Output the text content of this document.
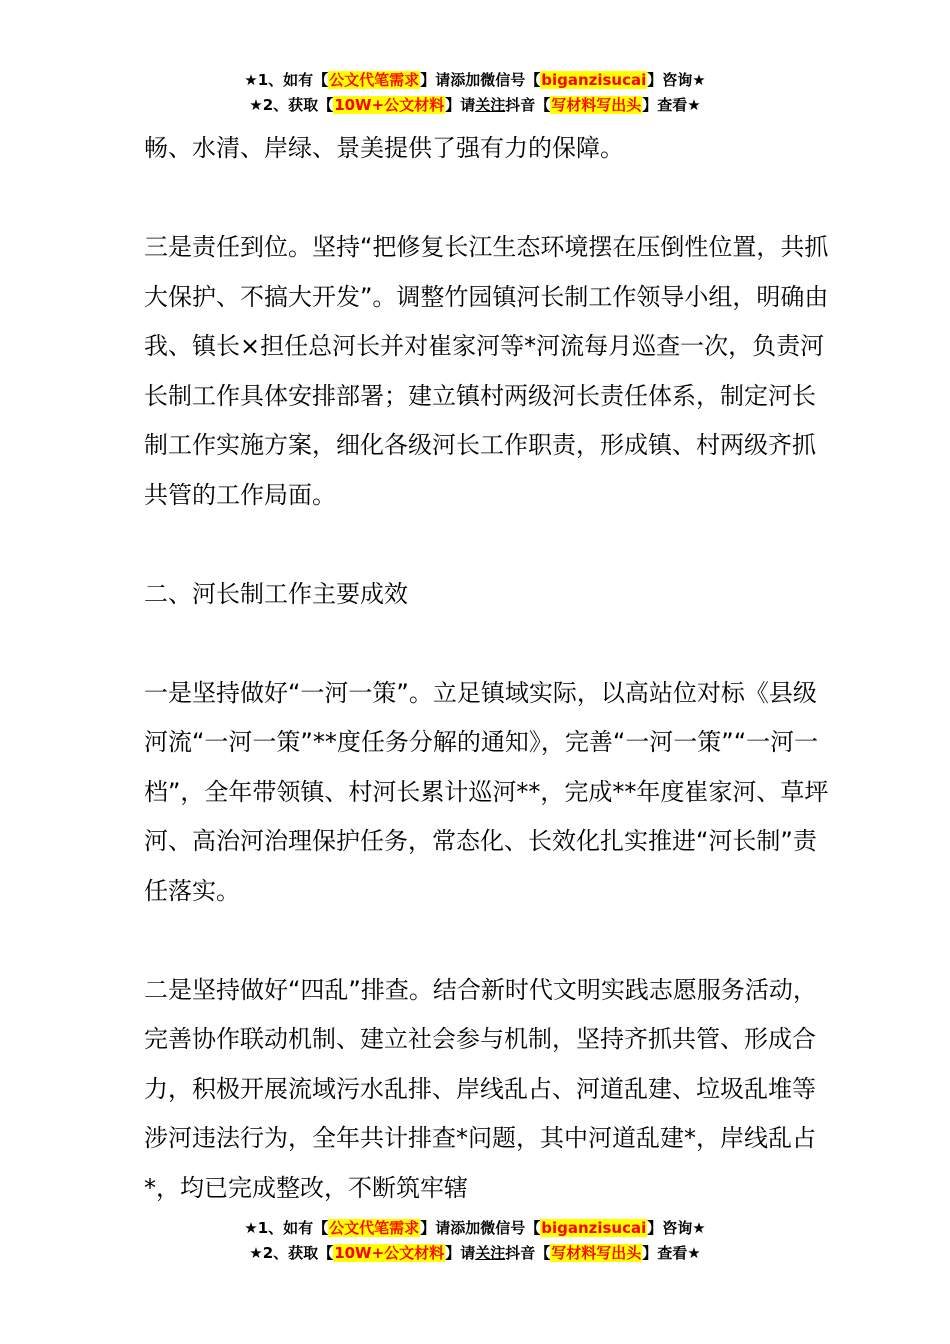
★1、如有【公文代笔需求】请添加微信号【biganzisucai】咨询★
★2、获取【10W+公文材料】请关注抖音【写材料写出头】查看★

畅、水清、岸绿、景美提供了强有力的保障。

三是责任到位。坚持“把修复长江生态环境摆在压倒性位置，共抓大保护、不搞大开发”。调整竹园镇河长制工作领导小组，明确由我、镇长×担任总河长并对崔家河等*河流每月巡查一次，负责河长制工作具体安排部署；建立镇村两级河长责任体系，制定河长制工作实施方案，细化各级河长工作职责，形成镇、村两级齐抓共管的工作局面。

二、河长制工作主要成效

一是坚持做好“一河一策”。立足镇域实际，以高站位对标《县级河流“一河一策”**度任务分解的通知》，完善“一河一策”“一河一档”，全年带领镇、村河长累计巡河**，完成**年度崔家河、草坪河、高治河治理保护任务，常态化、长效化扎实推进“河长制”责任落实。

二是坚持做好“四乱”排查。结合新时代文明实践志愿服务活动，完善协作联动机制、建立社会参与机制，坚持齐抓共管、形成合力，积极开展流域污水乱排、岸线乱占、河道乱建、垃圾乱堆等涉河违法行为，全年共计排查*问题，其中河道乱建*，岸线乱占*，均已完成整改，不断筑牢辖

★1、如有【公文代笔需求】请添加微信号【biganzisucai】咨询★
★2、获取【10W+公文材料】请关注抖音【写材料写出头】查看★
